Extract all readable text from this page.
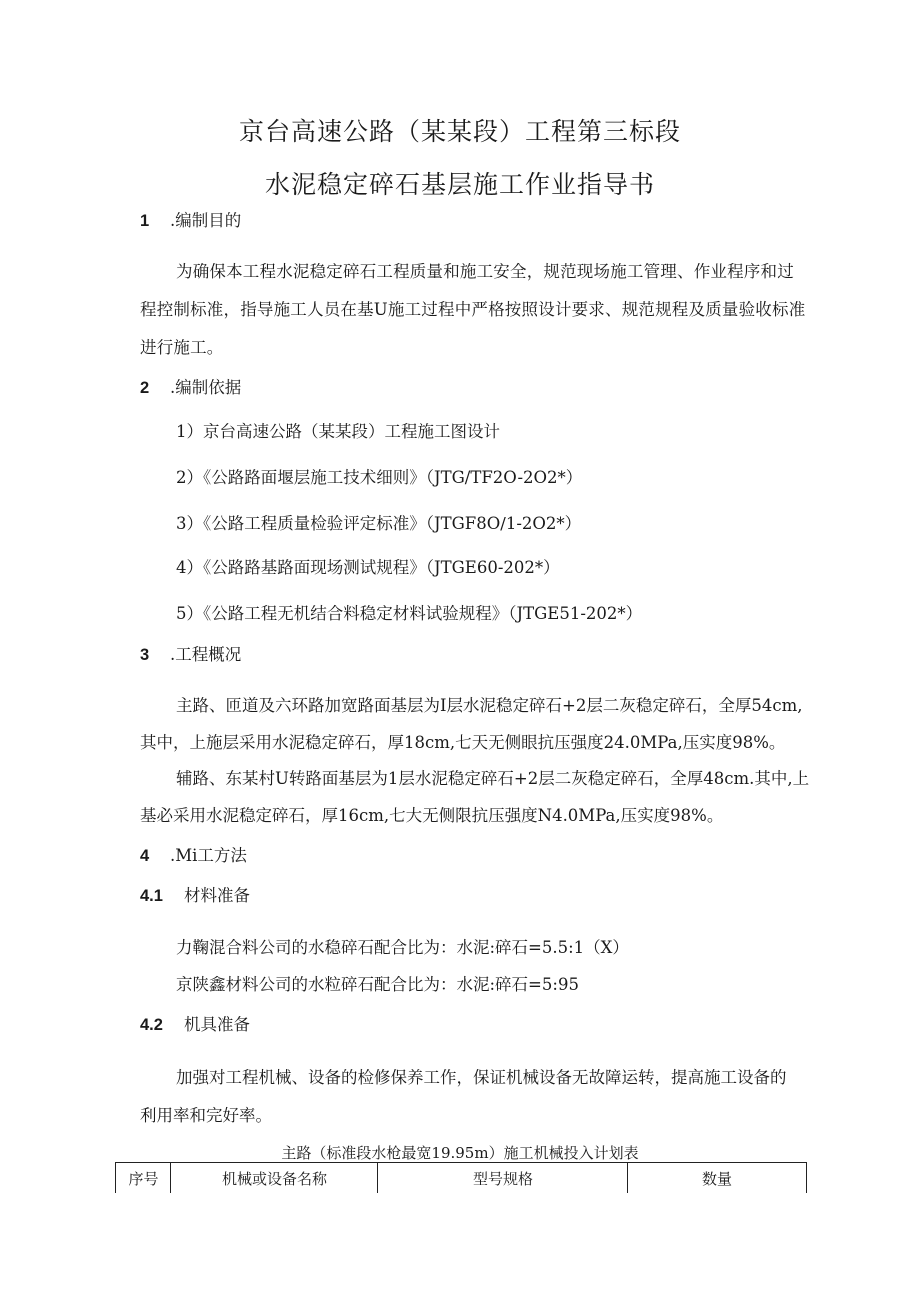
京台高速公路（某某段）工程第三标段
水泥稳定碎石基层施工作业指导书
1 .编制目的
为确保本工程水泥稳定碎石工程质量和施工安全，规范现场施工管理、作业程序和过
程控制标准，指导施工人员在基U施工过程中严格按照设计要求、规范规程及质量验收标准
进行施工。
2 .编制依据
1）京台高速公路（某某段）工程施工图设计
2）《公路路面堰层施工技术细则》（JTG/TF2O-2O2*）
3）《公路工程质量检验评定标准》（JTGF8O∕1-2O2*）
4）《公路路基路面现场测试规程》（JTGE60-202*）
5）《公路工程无机结合料稳定材料试验规程》（JTGE51-202*）
3 .工程概况
主路、匝道及六环路加宽路面基层为I层水泥稳定碎石+2层二灰稳定碎石，全厚54cm,
其中，上施层采用水泥稳定碎石，厚18cm,七天无侧眼抗压强度24.0MPa,压实度98%。
辅路、东某村U转路面基层为1层水泥稳定碎石+2层二灰稳定碎石，全厚48cm.其中,上
基必采用水泥稳定碎石，厚16cm,七大无侧限抗压强度N4.0MPa,压实度98%。
4 .Mi工方法
4.1 材料准备
力鞠混合料公司的水稳碎石配合比为：水泥:碎石=5.5:1（X）
京陕鑫材料公司的水粒碎石配合比为：水泥:碎石=5:95
4.2 机具准备
加强对工程机械、设备的检修保养工作，保证机械设备无故障运转，提高施工设备的
利用率和完好率。
主路（标准段水枪最宽19.95m）施工机械投入计划表
序号	机械或设备名称	型号规格	数量
